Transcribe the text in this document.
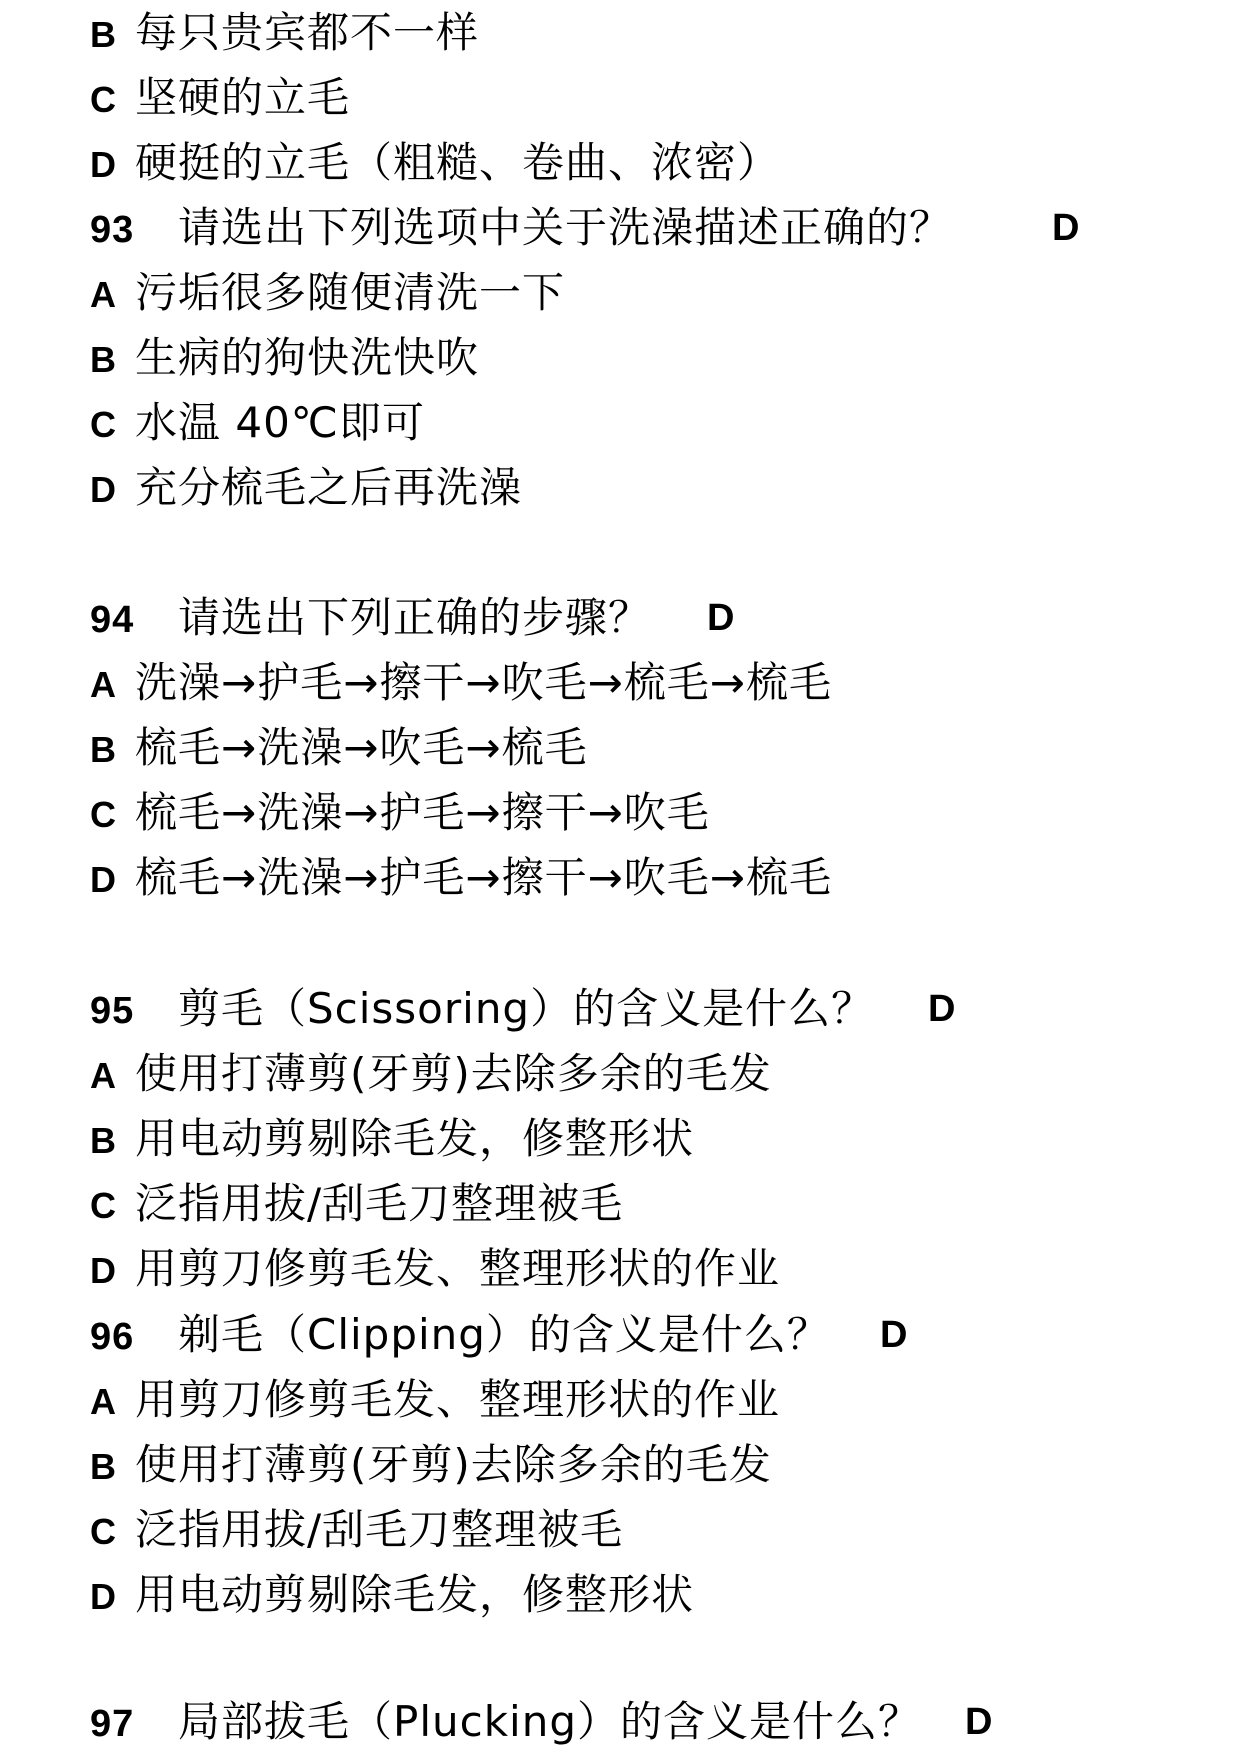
B 每只贵宾都不一样
C 坚硬的立毛
D 硬挺的立毛（粗糙、卷曲、浓密）
93 请选出下列选项中关于洗澡描述正确的？	D
A 污垢很多随便清洗一下
B 生病的狗快洗快吹
C 水温 40℃即可
D 充分梳毛之后再洗澡
94 请选出下列正确的步骤？ D
A 洗澡→护毛→擦干→吹毛→梳毛→梳毛
B 梳毛→洗澡→吹毛→梳毛
C 梳毛→洗澡→护毛→擦干→吹毛
D 梳毛→洗澡→护毛→擦干→吹毛→梳毛
95 剪毛（Scissoring）的含义是什么？ D
A 使用打薄剪(牙剪)去除多余的毛发
B 用电动剪剔除毛发，修整形状
C 泛指用拔/刮毛刀整理被毛
D 用剪刀修剪毛发、整理形状的作业
96 剃毛（Clipping）的含义是什么？ D
A 用剪刀修剪毛发、整理形状的作业
B 使用打薄剪(牙剪)去除多余的毛发
C 泛指用拔/刮毛刀整理被毛
D 用电动剪剔除毛发，修整形状
97 局部拔毛（Plucking）的含义是什么？ D
